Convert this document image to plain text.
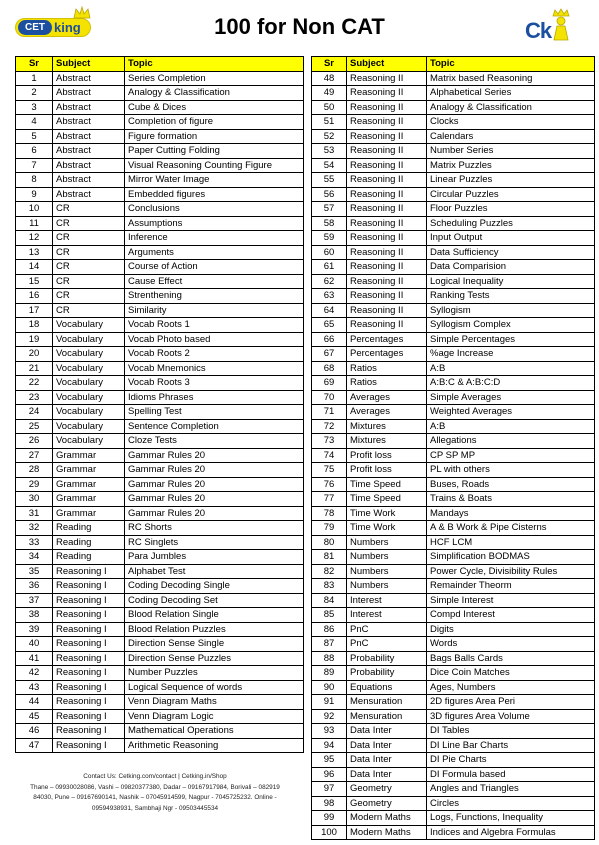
CET king	100 for Non CAT	Ck
Sr	Subject	Topic
1	Abstract	Series Completion
2	Abstract	Analogy & Classification
3	Abstract	Cube & Dices
4	Abstract	Completion of figure
5	Abstract	Figure formation
6	Abstract	Paper Cutting Folding
7	Abstract	Visual Reasoning Counting Figure
8	Abstract	Mirror Water Image
9	Abstract	Embedded figures
10	CR	Conclusions
11	CR	Assumptions
12	CR	Inference
13	CR	Arguments
14	CR	Course of Action
15	CR	Cause Effect
16	CR	Strenthening
17	CR	Similarity
18	Vocabulary	Vocab Roots 1
19	Vocabulary	Vocab Photo based
20	Vocabulary	Vocab Roots 2
21	Vocabulary	Vocab Mnemonics
22	Vocabulary	Vocab Roots 3
23	Vocabulary	Idioms Phrases
24	Vocabulary	Spelling Test
25	Vocabulary	Sentence Completion
26	Vocabulary	Cloze Tests
27	Grammar	Gammar Rules 20
28	Grammar	Gammar Rules 20
29	Grammar	Gammar Rules 20
30	Grammar	Gammar Rules 20
31	Grammar	Gammar Rules 20
32	Reading	RC Shorts
33	Reading	RC Singlets
34	Reading	Para Jumbles
35	Reasoning I	Alphabet Test
36	Reasoning I	Coding Decoding Single
37	Reasoning I	Coding Decoding Set
38	Reasoning I	Blood Relation Single
39	Reasoning I	Blood Relation Puzzles
40	Reasoning I	Direction Sense Single
41	Reasoning I	Direction Sense Puzzles
42	Reasoning I	Number Puzzles
43	Reasoning I	Logical Sequence of words
44	Reasoning I	Venn Diagram Maths
45	Reasoning I	Venn Diagram Logic
46	Reasoning I	Mathematical Operations
47	Reasoning I	Arithmetic Reasoning
Sr	Subject	Topic
48	Reasoning II	Matrix based Reasoning
49	Reasoning II	Alphabetical Series
50	Reasoning II	Analogy & Classification
51	Reasoning II	Clocks
52	Reasoning II	Calendars
53	Reasoning II	Number Series
54	Reasoning II	Matrix Puzzles
55	Reasoning II	Linear Puzzles
56	Reasoning II	Circular Puzzles
57	Reasoning II	Floor Puzzles
58	Reasoning II	Scheduling Puzzles
59	Reasoning II	Input Output
60	Reasoning II	Data Sufficiency
61	Reasoning II	Data Comparision
62	Reasoning II	Logical Inequality
63	Reasoning II	Ranking Tests
64	Reasoning II	Syllogism
65	Reasoning II	Syllogism Complex
66	Percentages	Simple Percentages
67	Percentages	%age Increase
68	Ratios	A:B
69	Ratios	A:B:C & A:B:C:D
70	Averages	Simple Averages
71	Averages	Weighted Averages
72	Mixtures	A:B
73	Mixtures	Allegations
74	Profit loss	CP SP MP
75	Profit loss	PL with others
76	Time Speed	Buses, Roads
77	Time Speed	Trains & Boats
78	Time Work	Mandays
79	Time Work	A & B Work & Pipe Cisterns
80	Numbers	HCF LCM
81	Numbers	Simplification BODMAS
82	Numbers	Power Cycle, Divisibility Rules
83	Numbers	Remainder Theorm
84	Interest	Simple Interest
85	Interest	Compd Interest
86	PnC	Digits
87	PnC	Words
88	Probability	Bags Balls Cards
89	Probability	Dice Coin Matches
90	Equations	Ages, Numbers
91	Mensuration	2D figures Area Peri
92	Mensuration	3D figures Area Volume
93	Data Inter	DI Tables
94	Data Inter	DI Line Bar Charts
95	Data Inter	DI Pie Charts
96	Data Inter	DI Formula based
97	Geometry	Angles and Triangles
98	Geometry	Circles
99	Modern Maths	Logs, Functions, Inequality
100	Modern Maths	Indices and Algebra Formulas
Contact Us: Cetking.com/contact | Cetking.in/Shop
Thane – 09930028086, Vashi – 09820377380, Dadar – 09167917984, Borivali – 082919
84030, Pune – 09167690141, Nashik – 07045914599, Nagpur - 7045725232. Online -
09594938931, Sambhaji Ngr - 09503445534
